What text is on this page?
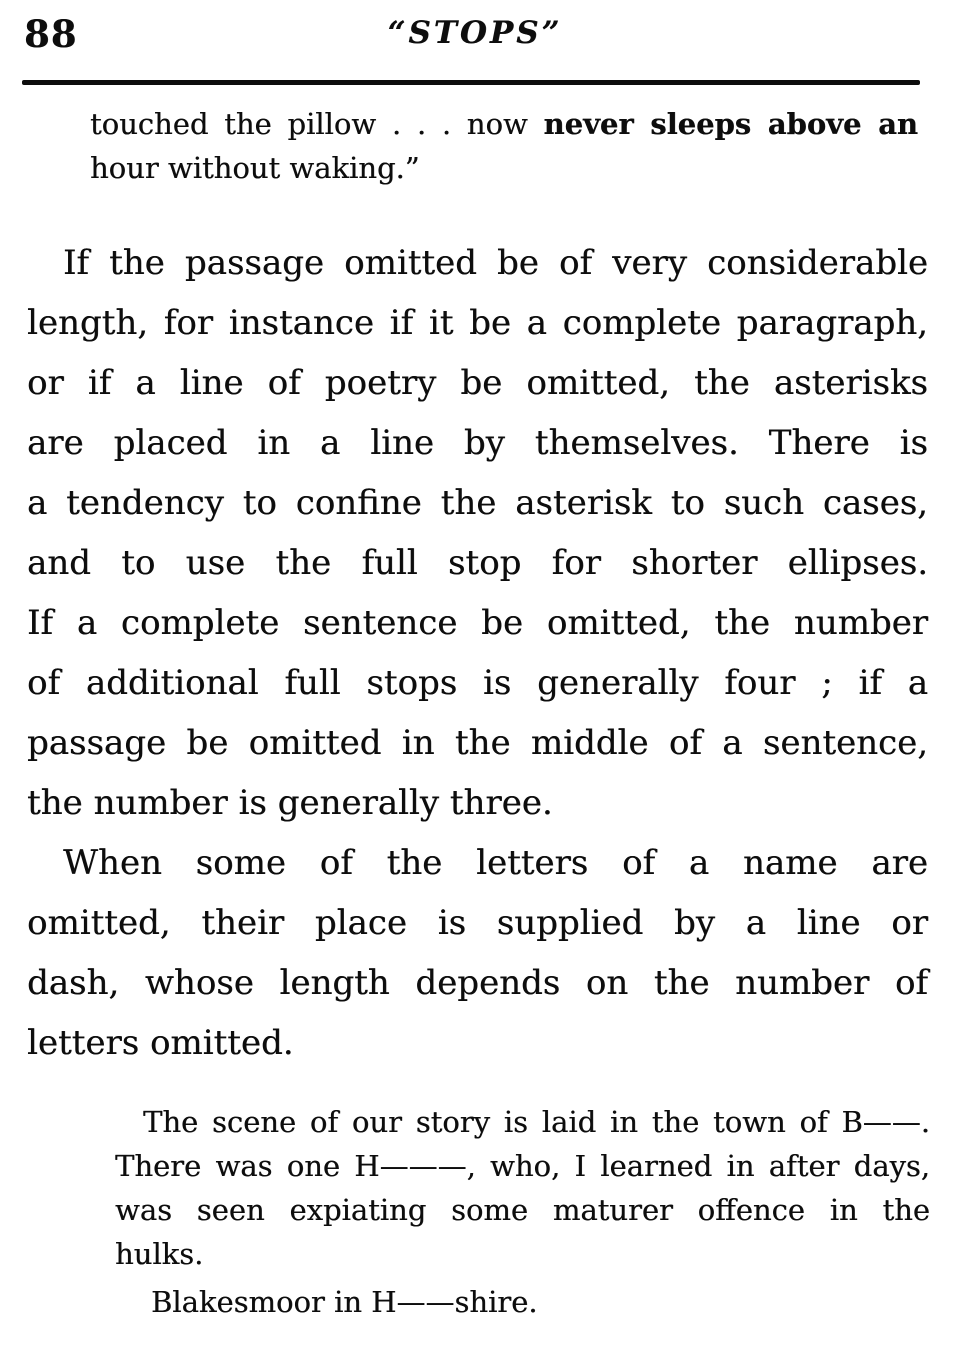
88	“STOPS”
touched the pillow . . . now never sleeps above an
hour without waking.”
If the passage omitted be of very considerable
length, for instance if it be a complete paragraph,
or if a line of poetry be omitted, the asterisks
are placed in a line by themselves. There is
a tendency to confine the asterisk to such cases,
and to use the full stop for shorter ellipses.
If a complete sentence be omitted, the number
of additional full stops is generally four ; if a
passage be omitted in the middle of a sentence,
the number is generally three.
When some of the letters of a name are
omitted, their place is supplied by a line or
dash, whose length depends on the number of
letters omitted.
The scene of our story is laid in the town of B——.
There was one H———, who, I learned in after days,
was seen expiating some maturer offence in the
hulks.
Blakesmoor in H——shire.
